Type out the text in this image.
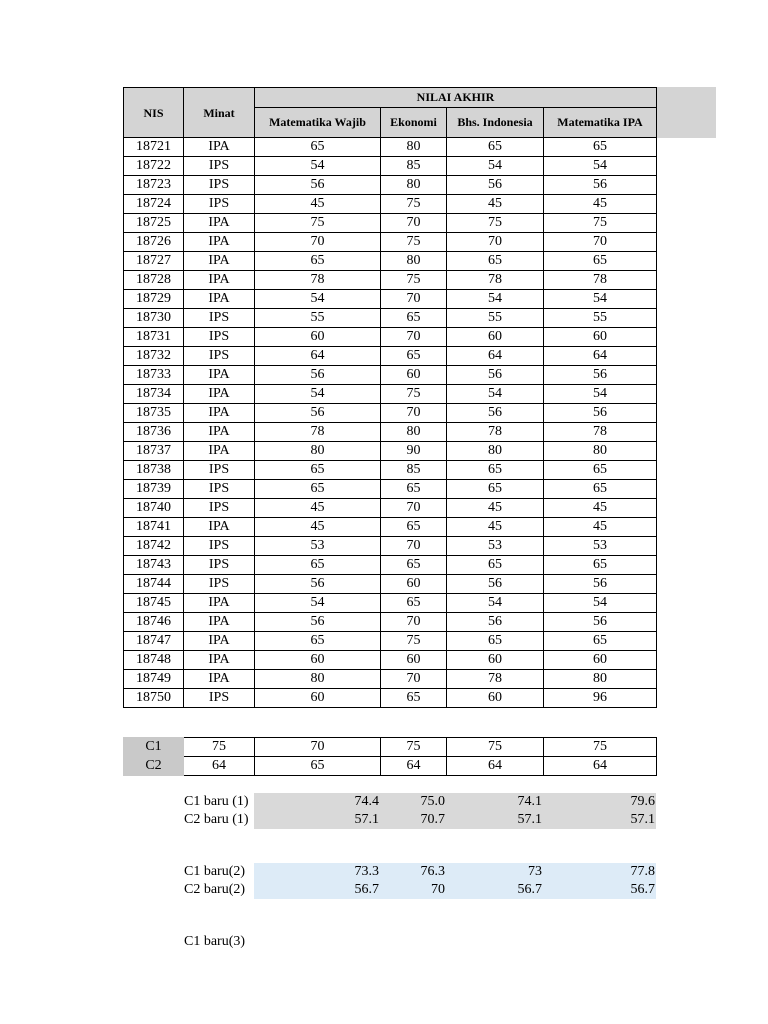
NIS	Minat	NILAI AKHIR			
		Matematika Wajib	Ekonomi	Bhs. Indonesia	Matematika IPA
18721	IPA	65	80	65	65
18722	IPS	54	85	54	54
18723	IPS	56	80	56	56
18724	IPS	45	75	45	45
18725	IPA	75	70	75	75
18726	IPA	70	75	70	70
18727	IPA	65	80	65	65
18728	IPA	78	75	78	78
18729	IPA	54	70	54	54
18730	IPS	55	65	55	55
18731	IPS	60	70	60	60
18732	IPS	64	65	64	64
18733	IPA	56	60	56	56
18734	IPA	54	75	54	54
18735	IPA	56	70	56	56
18736	IPA	78	80	78	78
18737	IPA	80	90	80	80
18738	IPS	65	85	65	65
18739	IPS	65	65	65	65
18740	IPS	45	70	45	45
18741	IPA	45	65	45	45
18742	IPS	53	70	53	53
18743	IPS	65	65	65	65
18744	IPS	56	60	56	56
18745	IPA	54	65	54	54
18746	IPA	56	70	56	56
18747	IPA	65	75	65	65
18748	IPA	60	60	60	60
18749	IPA	80	70	78	80
18750	IPS	60	65	60	96
C1	75	70	75	75	75
C2	64	65	64	64	64
C1 baru (1)	74.4	75.0	74.1	79.6
C2 baru (1)	57.1	70.7	57.1	57.1
C1 baru(2)	73.3	76.3	73	77.8
C2 baru(2)	56.7	70	56.7	56.7
C1 baru(3)
